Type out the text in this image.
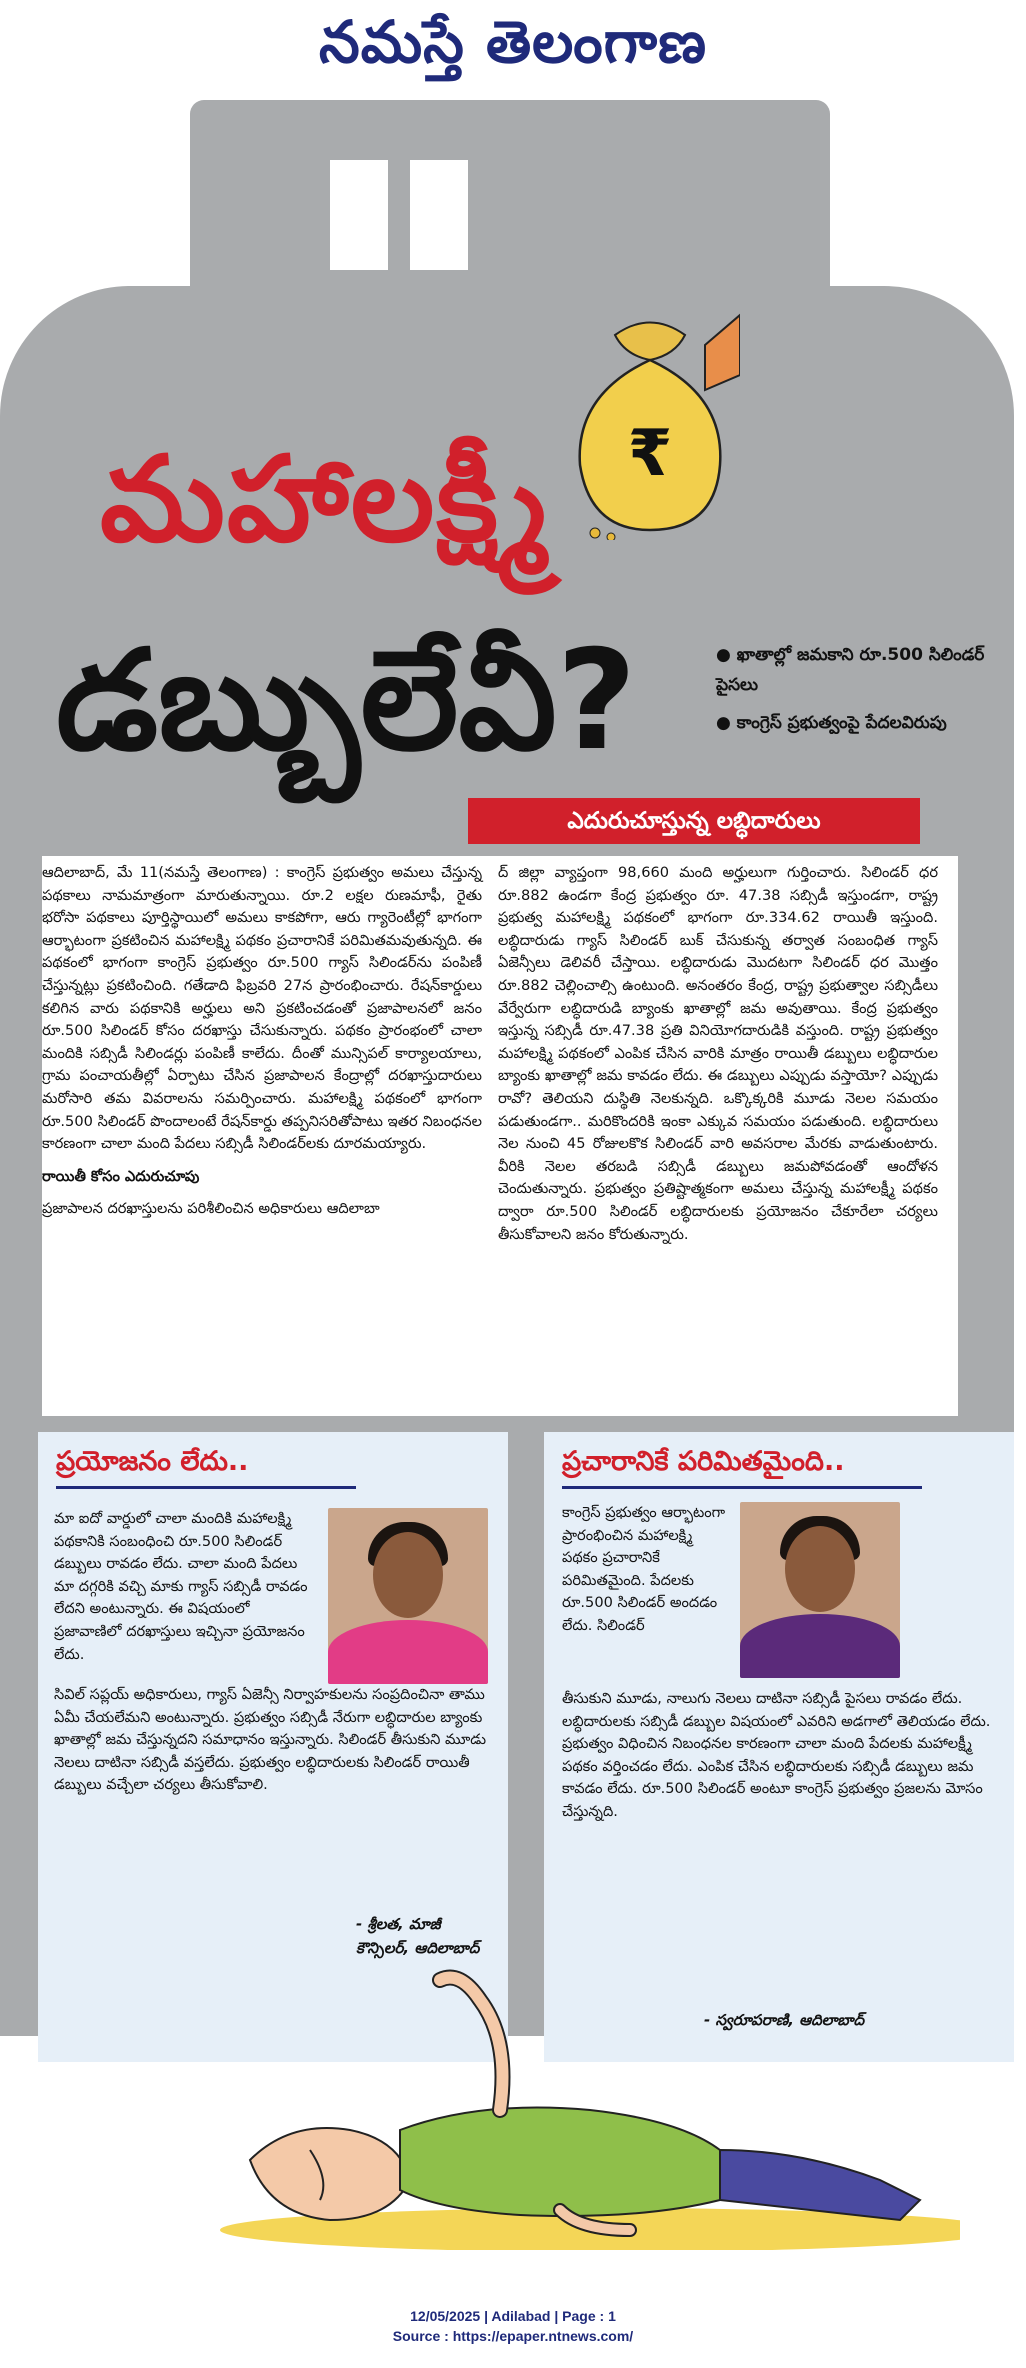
నమస్తే తెలంగాణ
₹
మహాలక్ష్మీ
డబ్బులేవీ?	● ఖాతాల్లో జమకాని రూ.500 సిలిండర్ పైసలు
● కాంగ్రెస్ ప్రభుత్వంపై పేదలవిరుపు
ఎదురుచూస్తున్న లబ్ధిదారులు

ఆదిలాబాద్, మే 11(నమస్తే తెలంగాణ) : కాంగ్రెస్ ప్రభుత్వం అమలు చేస్తున్న పథకాలు నామమాత్రంగా మారుతున్నాయి. రూ.2 లక్షల రుణమాఫీ, రైతు భరోసా పథకాలు పూర్తిస్థాయిలో అమలు కాకపోగా, ఆరు గ్యారెంటీల్లో భాగంగా ఆర్భాటంగా ప్రకటించిన మహాలక్ష్మి పథకం ప్రచారానికే పరిమితమవుతున్నది. ఈ పథకంలో భాగంగా కాంగ్రెస్ ప్రభుత్వం రూ.500 గ్యాస్ సిలిండర్‌ను పంపిణీ చేస్తున్నట్లు ప్రకటించింది. గతేడాది ఫిబ్రవరి 27న ప్రారంభించారు. రేషన్‌కార్డులు కలిగిన వారు పథకానికి అర్హులు అని ప్రకటించడంతో ప్రజాపాలనలో జనం రూ.500 సిలిండర్ కోసం దరఖాస్తు చేసుకున్నారు. పథకం ప్రారంభంలో చాలా మందికి సబ్సిడీ సిలిండర్లు పంపిణీ కాలేదు. దీంతో మున్సిపల్ కార్యాలయాలు, గ్రామ పంచాయతీల్లో ఏర్పాటు చేసిన ప్రజాపాలన కేంద్రాల్లో దరఖాస్తుదారులు మరోసారి తమ వివరాలను సమర్పించారు. మహాలక్ష్మి పథకంలో భాగంగా రూ.500 సిలిండర్ పొందాలంటే రేషన్‌కార్డు తప్పనిసరితోపాటు ఇతర నిబంధనల కారణంగా చాలా మంది పేదలు సబ్సిడీ సిలిండర్‌లకు దూరమయ్యారు.

రాయితీ కోసం ఎదురుచూపు

ప్రజాపాలన దరఖాస్తులను పరిశీలించిన అధికారులు ఆదిలాబా

ద్ జిల్లా వ్యాప్తంగా 98,660 మంది అర్హులుగా గుర్తించారు. సిలిండర్ ధర రూ.882 ఉండగా కేంద్ర ప్రభుత్వం రూ. 47.38 సబ్సిడీ ఇస్తుండగా, రాష్ట్ర ప్రభుత్వ మహాలక్ష్మి పథకంలో భాగంగా రూ.334.62 రాయితీ ఇస్తుంది. లబ్ధిదారుడు గ్యాస్ సిలిండర్ బుక్ చేసుకున్న తర్వాత సంబంధిత గ్యాస్ ఏజెన్సీలు డెలివరీ చేస్తాయి. లబ్ధిదారుడు మొదటగా సిలిండర్ ధర మొత్తం రూ.882 చెల్లించాల్సి ఉంటుంది. అనంతరం కేంద్ర, రాష్ట్ర ప్రభుత్వాల సబ్సిడీలు వేర్వేరుగా లబ్ధిదారుడి బ్యాంకు ఖాతాల్లో జమ అవుతాయి. కేంద్ర ప్రభుత్వం ఇస్తున్న సబ్సిడీ రూ.47.38 ప్రతి వినియోగదారుడికి వస్తుంది. రాష్ట్ర ప్రభుత్వం మహాలక్ష్మి పథకంలో ఎంపిక చేసిన వారికి మాత్రం రాయితీ డబ్బులు లబ్ధిదారుల బ్యాంకు ఖాతాల్లో జమ కావడం లేదు. ఈ డబ్బులు ఎప్పుడు వస్తాయో? ఎప్పుడు రావో? తెలియని దుస్థితి నెలకున్నది. ఒక్కొక్కరికి మూడు నెలల సమయం పడుతుండగా.. మరికొందరికి ఇంకా ఎక్కువ సమయం పడుతుంది. లబ్ధిదారులు నెల నుంచి 45 రోజులకొక సిలిండర్ వారి అవసరాల మేరకు వాడుతుంటారు. వీరికి నెలల తరబడి సబ్సిడీ డబ్బులు జమపోవడంతో ఆందోళన చెందుతున్నారు. ప్రభుత్వం ప్రతిష్టాత్మకంగా అమలు చేస్తున్న మహాలక్ష్మీ పథకం ద్వారా రూ.500 సిలిండర్ లబ్ధిదారులకు ప్రయోజనం చేకూరేలా చర్యలు తీసుకోవాలని జనం కోరుతున్నారు.

ప్రయోజనం లేదు..

మా ఐదో వార్డులో చాలా మందికి మహాలక్ష్మి పథకానికి సంబంధించి రూ.500 సిలిండర్ డబ్బులు రావడం లేదు. చాలా మంది పేదలు మా దగ్గరికి వచ్చి మాకు గ్యాస్ సబ్సిడీ రావడం లేదని అంటున్నారు. ఈ విషయంలో ప్రజావాణిలో దరఖాస్తులు ఇచ్చినా ప్రయోజనం లేదు.

సివిల్ సప్లయ్ అధికారులు, గ్యాస్ ఏజెన్సీ నిర్వాహకులను సంప్రదించినా తాము ఏమీ చేయలేమని అంటున్నారు. ప్రభుత్వం సబ్సిడీ నేరుగా లబ్ధిదారుల బ్యాంకు ఖాతాల్లో జమ చేస్తున్నదని సమాధానం ఇస్తున్నారు. సిలిండర్ తీసుకుని మూడు నెలలు దాటినా సబ్సిడీ వస్తలేదు. ప్రభుత్వం లబ్ధిదారులకు సిలిండర్ రాయితీ డబ్బులు వచ్చేలా చర్యలు తీసుకోవాలి.

- శ్రీలత, మాజీ కౌన్సిలర్, ఆదిలాబాద్
ప్రచారానికే పరిమితమైంది..

కాంగ్రెస్ ప్రభుత్వం ఆర్భాటంగా ప్రారంభించిన మహాలక్ష్మి పథకం ప్రచారానికే పరిమితమైంది. పేదలకు రూ.500 సిలిండర్ అందడం లేదు. సిలిండర్

తీసుకుని మూడు, నాలుగు నెలలు దాటినా సబ్సిడీ పైసలు రావడం లేదు. లబ్ధిదారులకు సబ్సిడీ డబ్బుల విషయంలో ఎవరిని అడగాలో తెలియడం లేదు. ప్రభుత్వం విధించిన నిబంధనల కారణంగా చాలా మంది పేదలకు మహాలక్ష్మీ పథకం వర్తించడం లేదు. ఎంపిక చేసిన లబ్ధిదారులకు సబ్సిడీ డబ్బులు జమ కావడం లేదు. రూ.500 సిలిండర్ అంటూ కాంగ్రెస్ ప్రభుత్వం ప్రజలను మోసం చేస్తున్నది.

- స్వరూపరాణి, ఆదిలాబాద్
12/05/2025 | Adilabad | Page : 1
Source : https://epaper.ntnews.com/
